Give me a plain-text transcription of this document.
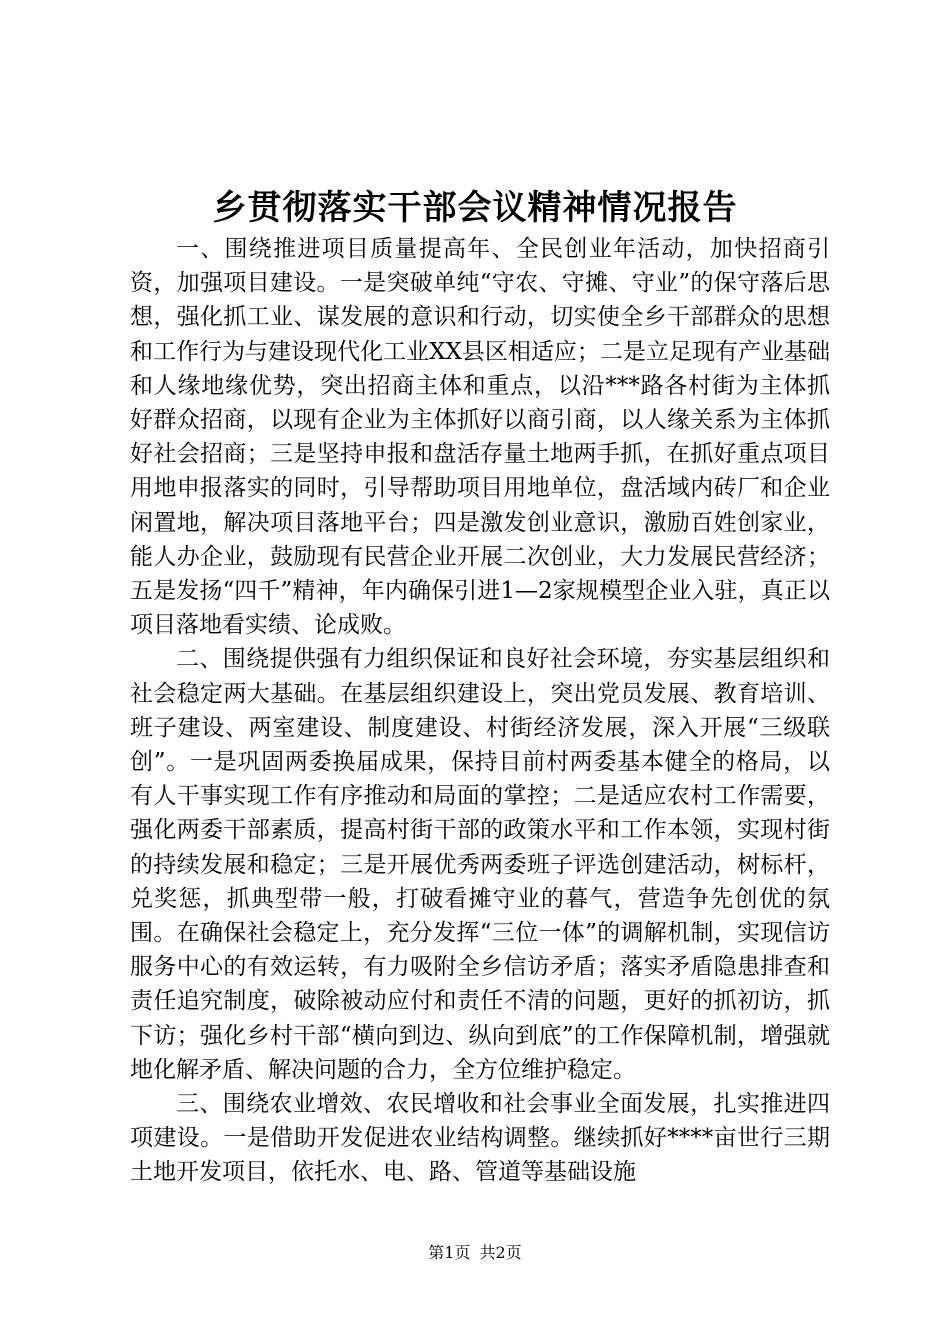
乡贯彻落实干部会议精神情况报告

一、围绕推进项目质量提高年、全民创业年活动，加快招商引资，加强项目建设。一是突破单纯“守农、守摊、守业”的保守落后思想，强化抓工业、谋发展的意识和行动，切实使全乡干部群众的思想和工作行为与建设现代化工业XX县区相适应；二是立足现有产业基础和人缘地缘优势，突出招商主体和重点，以沿***路各村街为主体抓好群众招商，以现有企业为主体抓好以商引商，以人缘关系为主体抓好社会招商；三是坚持申报和盘活存量土地两手抓，在抓好重点项目用地申报落实的同时，引导帮助项目用地单位，盘活域内砖厂和企业闲置地，解决项目落地平台；四是激发创业意识，激励百姓创家业，能人办企业，鼓励现有民营企业开展二次创业，大力发展民营经济；五是发扬“四千”精神，年内确保引进1—2家规模型企业入驻，真正以项目落地看实绩、论成败。

二、围绕提供强有力组织保证和良好社会环境，夯实基层组织和社会稳定两大基础。在基层组织建设上，突出党员发展、教育培训、班子建设、两室建设、制度建设、村街经济发展，深入开展“三级联创”。一是巩固两委换届成果，保持目前村两委基本健全的格局，以有人干事实现工作有序推动和局面的掌控；二是适应农村工作需要，强化两委干部素质，提高村街干部的政策水平和工作本领，实现村街的持续发展和稳定；三是开展优秀两委班子评选创建活动，树标杆，兑奖惩，抓典型带一般，打破看摊守业的暮气，营造争先创优的氛围。在确保社会稳定上，充分发挥“三位一体”的调解机制，实现信访服务中心的有效运转，有力吸附全乡信访矛盾；落实矛盾隐患排查和责任追究制度，破除被动应付和责任不清的问题，更好的抓初访，抓下访；强化乡村干部“横向到边、纵向到底”的工作保障机制，增强就地化解矛盾、解决问题的合力，全方位维护稳定。

三、围绕农业增效、农民增收和社会事业全面发展，扎实推进四项建设。一是借助开发促进农业结构调整。继续抓好****亩世行三期土地开发项目，依托水、电、路、管道等基础设施

第1页 共2页
